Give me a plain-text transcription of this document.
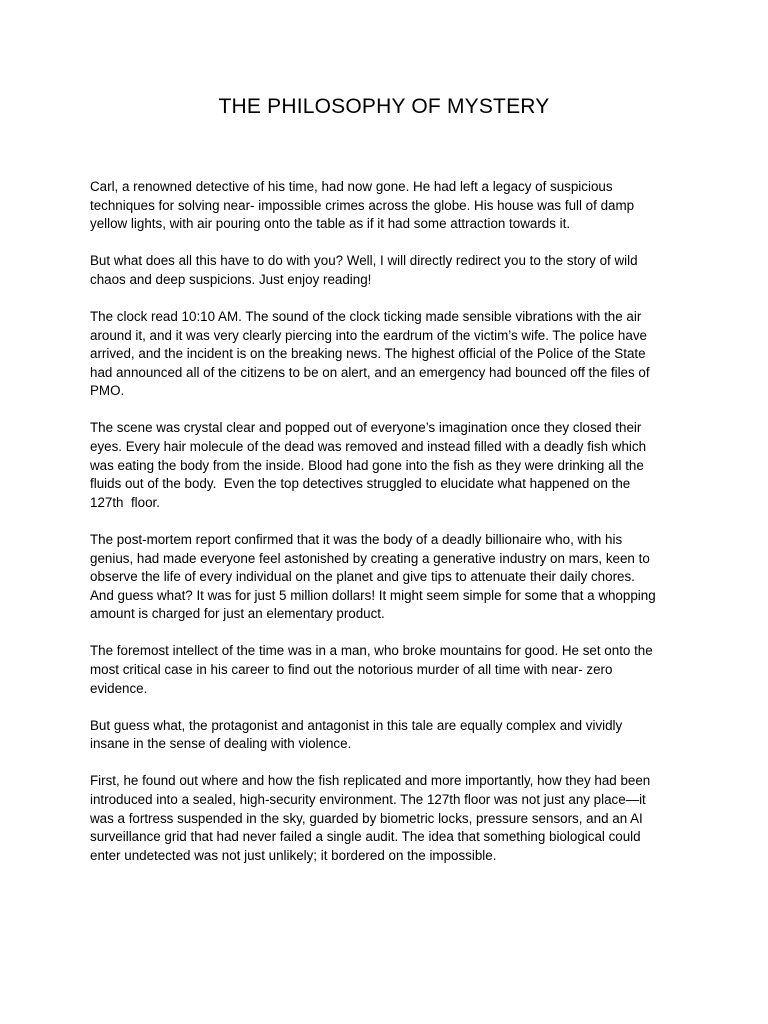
THE PHILOSOPHY OF MYSTERY

Carl, a renowned detective of his time, had now gone. He had left a legacy of suspicious
techniques for solving near- impossible crimes across the globe. His house was full of damp
yellow lights, with air pouring onto the table as if it had some attraction towards it.

But what does all this have to do with you? Well, I will directly redirect you to the story of wild
chaos and deep suspicions. Just enjoy reading!

The clock read 10:10 AM. The sound of the clock ticking made sensible vibrations with the air
around it, and it was very clearly piercing into the eardrum of the victim’s wife. The police have
arrived, and the incident is on the breaking news. The highest official of the Police of the State
had announced all of the citizens to be on alert, and an emergency had bounced off the files of
PMO.

The scene was crystal clear and popped out of everyone’s imagination once they closed their
eyes. Every hair molecule of the dead was removed and instead filled with a deadly fish which
was eating the body from the inside. Blood had gone into the fish as they were drinking all the
fluids out of the body.  Even the top detectives struggled to elucidate what happened on the
127th  floor.

The post-mortem report confirmed that it was the body of a deadly billionaire who, with his
genius, had made everyone feel astonished by creating a generative industry on mars, keen to
observe the life of every individual on the planet and give tips to attenuate their daily chores.
And guess what? It was for just 5 million dollars! It might seem simple for some that a whopping
amount is charged for just an elementary product.

The foremost intellect of the time was in a man, who broke mountains for good. He set onto the
most critical case in his career to find out the notorious murder of all time with near- zero
evidence.

But guess what, the protagonist and antagonist in this tale are equally complex and vividly
insane in the sense of dealing with violence.

First, he found out where and how the fish replicated and more importantly, how they had been
introduced into a sealed, high-security environment. The 127th floor was not just any place—it
was a fortress suspended in the sky, guarded by biometric locks, pressure sensors, and an AI
surveillance grid that had never failed a single audit. The idea that something biological could
enter undetected was not just unlikely; it bordered on the impossible.
